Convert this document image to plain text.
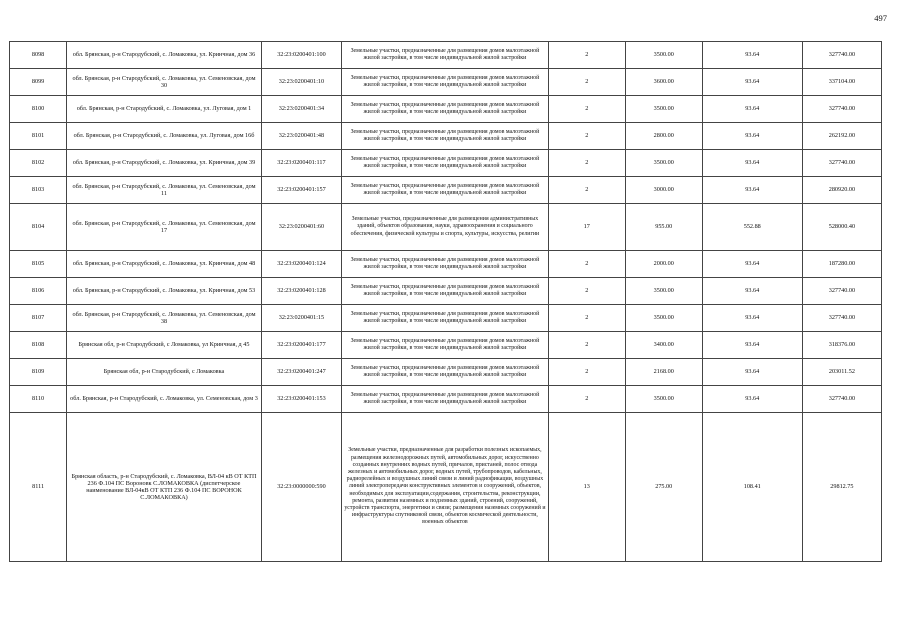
497
8098	обл. Брянская, р-н Стародубский, с. Ломаковка, ул. Кринчная, дом 36	32:23:0200401:100	Земельные участки, предназначенные для размещения домов малоэтажной жилой застройки, в том числе индивидуальной жилой застройки	2	3500.00	93.64	327740.00
8099	обл. Брянская, р-н Стародубский, с. Ломаковка, ул. Семеновская, дом 30	32:23:0200401:10	Земельные участки, предназначенные для размещения домов малоэтажной жилой застройки, в том числе индивидуальной жилой застройки	2	3600.00	93.64	337104.00
8100	обл. Брянская, р-н Стародубский, с. Ломаковка, ул. Луговая, дом 1	32:23:0200401:34	Земельные участки, предназначенные для размещения домов малоэтажной жилой застройки, в том числе индивидуальной жилой застройки	2	3500.00	93.64	327740.00
8101	обл. Брянская, р-н Стародубский, с. Ломаковка, ул. Луговая, дом 16б	32:23:0200401:48	Земельные участки, предназначенные для размещения домов малоэтажной жилой застройки, в том числе индивидуальной жилой застройки	2	2800.00	93.64	262192.00
8102	обл. Брянская, р-н Стародубский, с. Ломаковка, ул. Кринчная, дом 39	32:23:0200401:117	Земельные участки, предназначенные для размещения домов малоэтажной жилой застройки, в том числе индивидуальной жилой застройки	2	3500.00	93.64	327740.00
8103	обл. Брянская, р-н Стародубский, с. Ломаковка, ул. Семеновская, дом 11	32:23:0200401:157	Земельные участки, предназначенные для размещения домов малоэтажной жилой застройки, в том числе индивидуальной жилой застройки	2	3000.00	93.64	280920.00
8104	обл. Брянская, р-н Стародубский, с. Ломаковка, ул. Семеновская, дом 17	32:23:0200401:60	Земельные участки, предназначенные для размещения административных зданий, объектов образования, науки, здравоохранения и социального обеспечения, физической культуры и спорта, культуры, искусства, религии	17	955.00	552.88	528000.40
8105	обл. Брянская, р-н Стародубский, с. Ломаковка, ул. Кринчная, дом 48	32:23:0200401:124	Земельные участки, предназначенные для размещения домов малоэтажной жилой застройки, в том числе индивидуальной жилой застройки	2	2000.00	93.64	187280.00
8106	обл. Брянская, р-н Стародубский, с. Ломаковка, ул. Кринчная, дом 53	32:23:0200401:128	Земельные участки, предназначенные для размещения домов малоэтажной жилой застройки, в том числе индивидуальной жилой застройки	2	3500.00	93.64	327740.00
8107	обл. Брянская, р-н Стародубский, с. Ломаковка, ул. Семеновская, дом 38	32:23:0200401:15	Земельные участки, предназначенные для размещения домов малоэтажной жилой застройки, в том числе индивидуальной жилой застройки	2	3500.00	93.64	327740.00
8108	Брянская обл, р-н Стародубский, с Ломаковка, ул Кринчная, д 45	32:23:0200401:177	Земельные участки, предназначенные для размещения домов малоэтажной жилой застройки, в том числе индивидуальной жилой застройки	2	3400.00	93.64	318376.00
8109	Брянская обл, р-н Стародубский, с Ломаковка	32:23:0200401:247	Земельные участки, предназначенные для размещения домов малоэтажной жилой застройки, в том числе индивидуальной жилой застройки	2	2168.00	93.64	203011.52
8110	обл. Брянская, р-н Стародубский, с. Ломаковка, ул. Семеновская, дом 3	32:23:0200401:153	Земельные участки, предназначенные для размещения домов малоэтажной жилой застройки, в том числе индивидуальной жилой застройки	2	3500.00	93.64	327740.00
8111	Брянская область, р-н Стародубский, с. Ломаковка, ВЛ-04 кВ ОТ КТП 236 Ф.104 ПС Вороновк С.ЛОМАКОВКА (диспетчерское наименование ВЛ-04кВ ОТ КТП 236 Ф.104 ПС ВОРОНОК С.ЛОМАКОВКА)	32:23:0000000:590	Земельные участки, предназначенные для разработки полезных ископаемых, размещения железнодорожных путей, автомобильных дорог, искусственно созданных внутренних водных путей, причалов, пристаней, полос отвода железных и автомобильных дорог, водных путей, трубопроводов, кабельных, радиорелейных и воздушных линий связи и линий радиофикации, воздушных линий электропередачи конструктивных элементов и сооружений, объектов, необходимых для эксплуатации,содержания, строительства, реконструкции, ремонта, развития наземных и подземных зданий, строений, сооружений, устройств транспорта, энергетики и связи; размещения наземных сооружений и инфраструктуры спутниковой связи, объектов космической деятельности, военных объектов	13	275.00	108.41	29812.75
